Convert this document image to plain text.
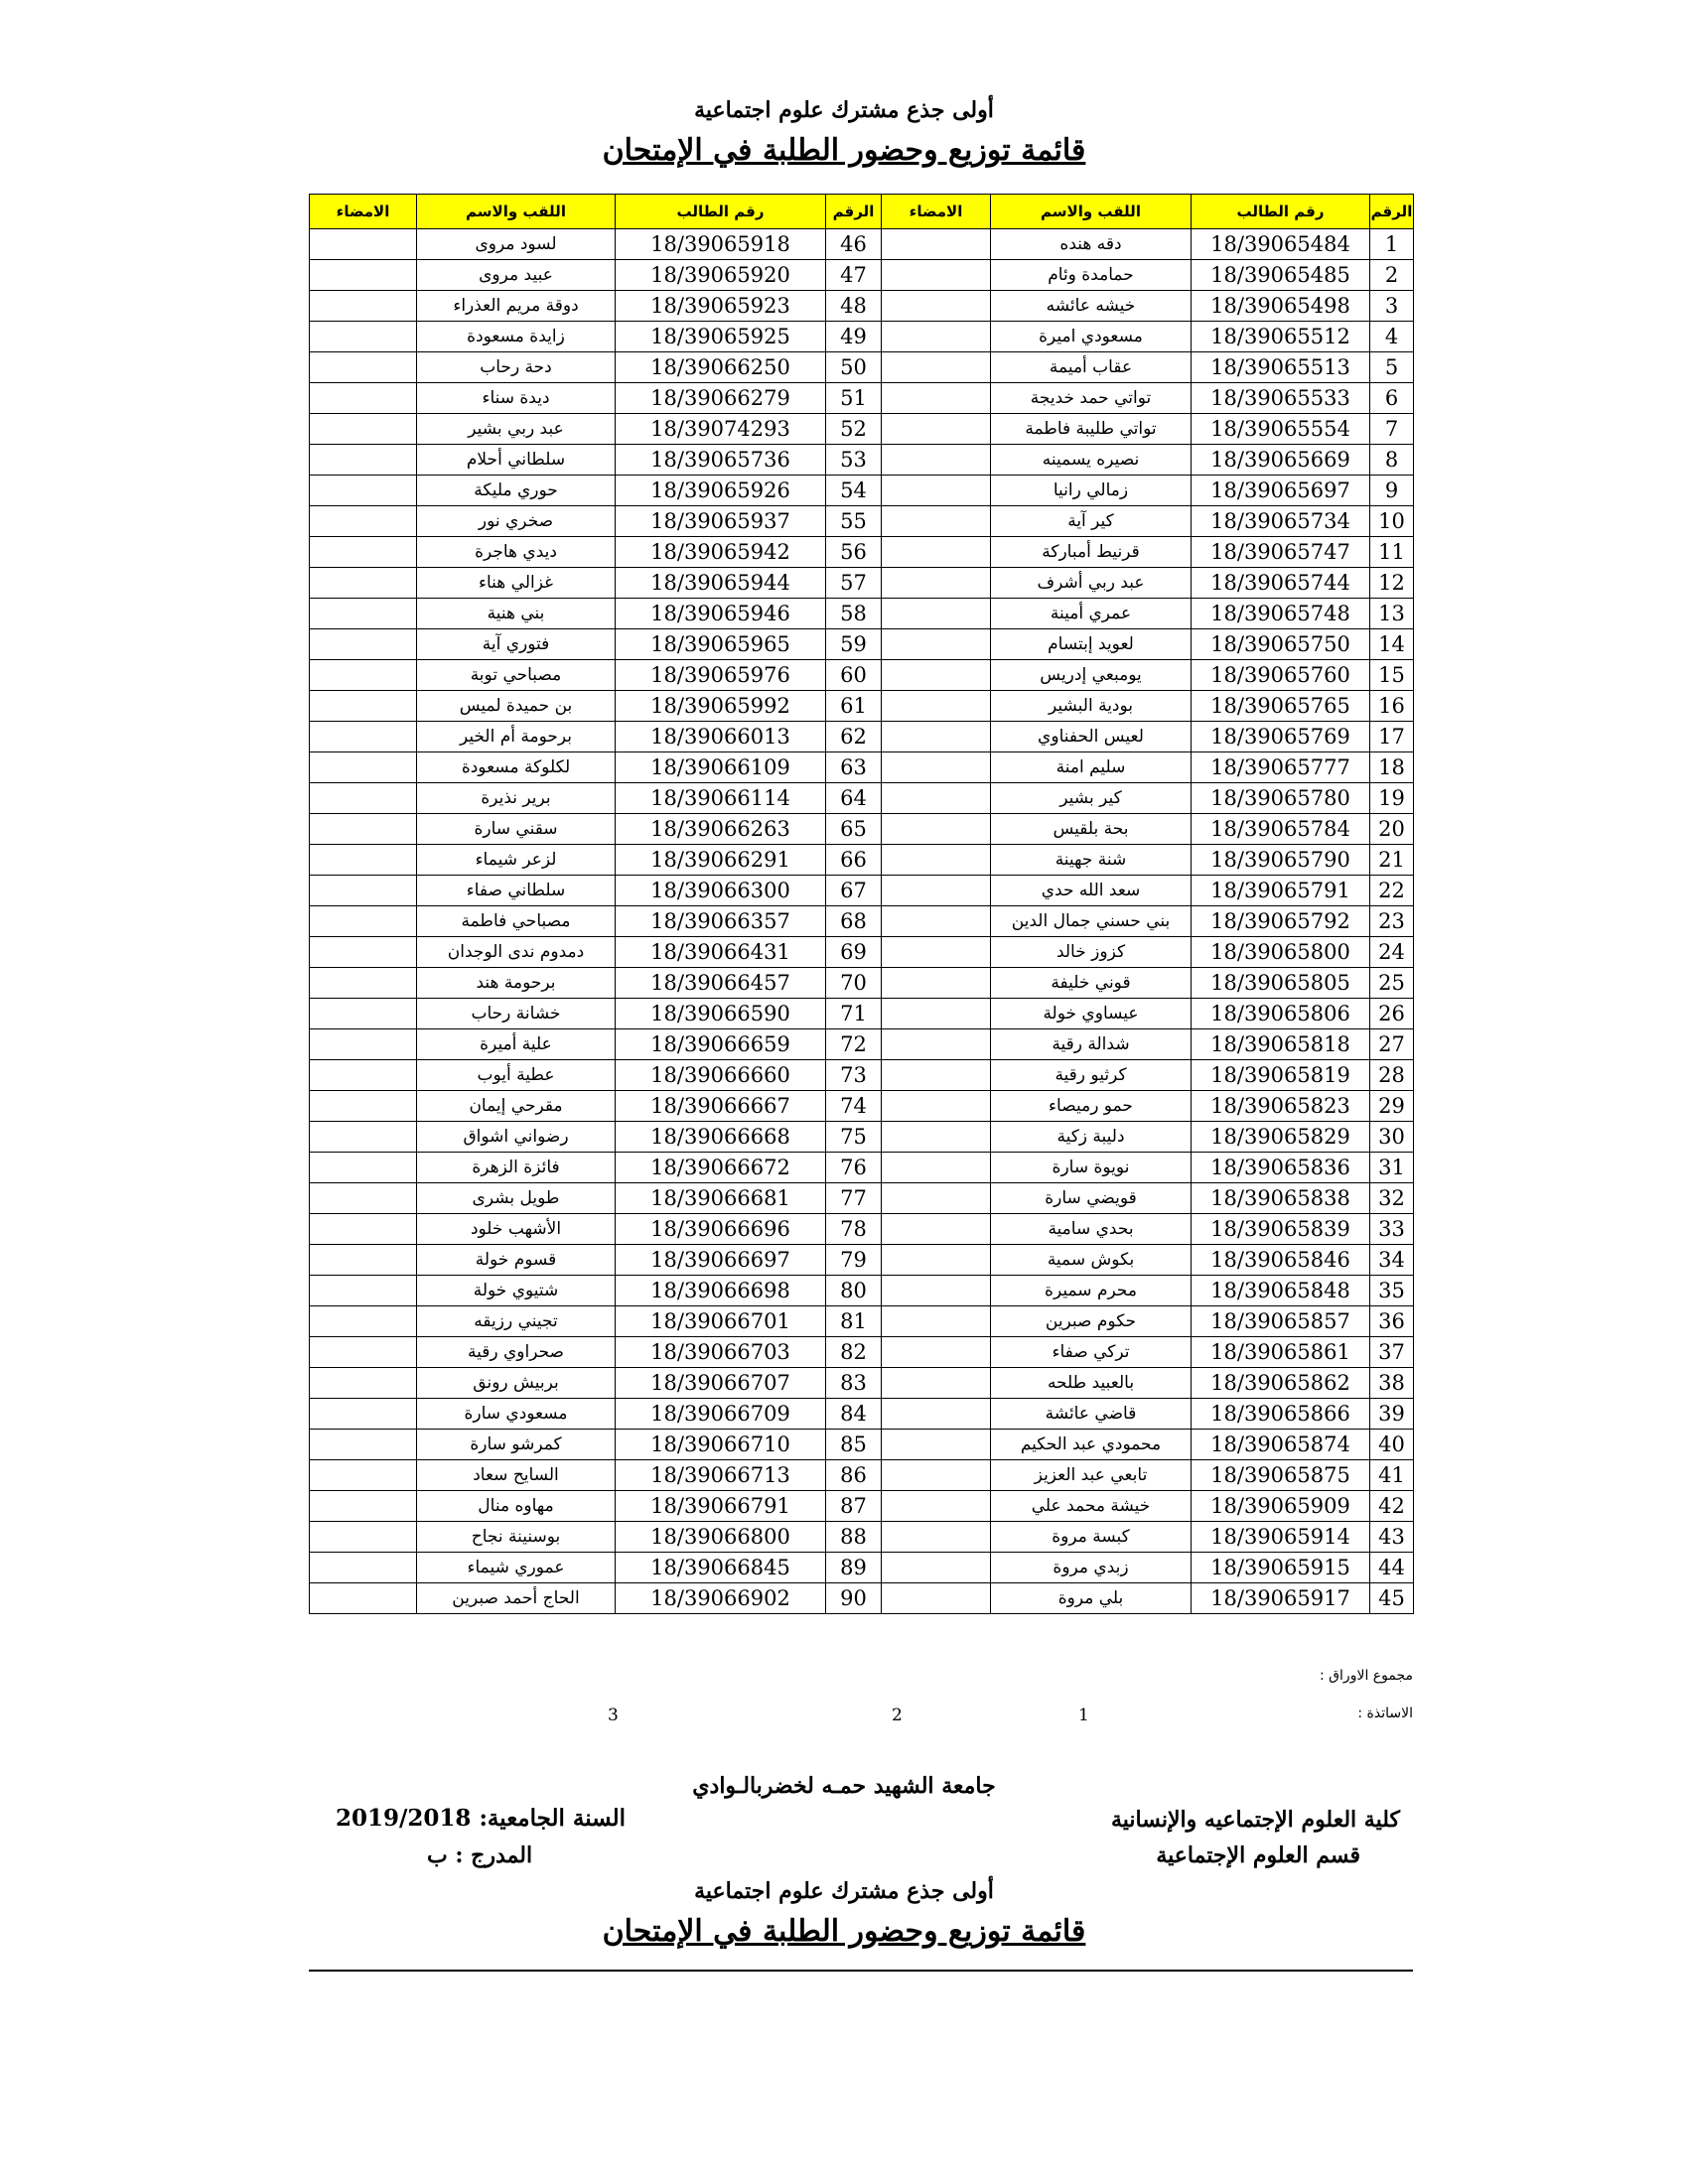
أولى جذع مشترك علوم اجتماعية
قائمة توزيع وحضور الطلبة في الإمتحان
الرقم	رقم الطالب	اللقب والاسم	الامضاء	الرقم	رقم الطالب	اللقب والاسم	الامضاء
1	18/39065484	دقه هنده		46	18/39065918	لسود مروى	
2	18/39065485	حمامدة وئام		47	18/39065920	عبيد مروى	
3	18/39065498	خيشه عائشه		48	18/39065923	دوقة مريم العذراء	
4	18/39065512	مسعودي اميرة		49	18/39065925	زايدة مسعودة	
5	18/39065513	عقاب أميمة		50	18/39066250	دحة رحاب	
6	18/39065533	تواتي حمد خديجة		51	18/39066279	ديدة سناء	
7	18/39065554	تواتي طليبة فاطمة		52	18/39074293	عبد ربي بشير	
8	18/39065669	نصيره يسمينه		53	18/39065736	سلطاني أحلام	
9	18/39065697	زمالي رانيا		54	18/39065926	حوري مليكة	
10	18/39065734	كير آية		55	18/39065937	صخري نور	
11	18/39065747	قرنيط أمباركة		56	18/39065942	ديدي هاجرة	
12	18/39065744	عبد ربي أشرف		57	18/39065944	غزالي هناء	
13	18/39065748	عمري أمينة		58	18/39065946	بني هنية	
14	18/39065750	لعويد إبتسام		59	18/39065965	فتوري آية	
15	18/39065760	يومبعي إدريس		60	18/39065976	مصباحي توبة	
16	18/39065765	بودية البشير		61	18/39065992	بن حميدة لميس	
17	18/39065769	لعيس الحفناوي		62	18/39066013	برحومة أم الخير	
18	18/39065777	سليم امنة		63	18/39066109	لكلوكة مسعودة	
19	18/39065780	كير بشير		64	18/39066114	برير نذيرة	
20	18/39065784	بحة بلقيس		65	18/39066263	سقني سارة	
21	18/39065790	شنة جهينة		66	18/39066291	لزعر شيماء	
22	18/39065791	سعد الله حدي		67	18/39066300	سلطاني صفاء	
23	18/39065792	بني حسني جمال الدين		68	18/39066357	مصباحي فاطمة	
24	18/39065800	كزوز خالد		69	18/39066431	دمدوم ندى الوجدان	
25	18/39065805	قوني خليفة		70	18/39066457	برحومة هند	
26	18/39065806	عيساوي خولة		71	18/39066590	خشانة رحاب	
27	18/39065818	شدالة رقية		72	18/39066659	علية أميرة	
28	18/39065819	كرثيو رقية		73	18/39066660	عطية أيوب	
29	18/39065823	حمو رميصاء		74	18/39066667	مقرحي إيمان	
30	18/39065829	دليبة زكية		75	18/39066668	رضواني اشواق	
31	18/39065836	نويوة سارة		76	18/39066672	فائزة الزهرة	
32	18/39065838	قويضي سارة		77	18/39066681	طويل بشرى	
33	18/39065839	بحدي سامية		78	18/39066696	الأشهب خلود	
34	18/39065846	بكوش سمية		79	18/39066697	قسوم خولة	
35	18/39065848	محرم سميرة		80	18/39066698	شتيوي خولة	
36	18/39065857	حكوم صبرين		81	18/39066701	تجيني رزيقه	
37	18/39065861	تركي صفاء		82	18/39066703	صحراوي رقية	
38	18/39065862	بالعبيد طلحه		83	18/39066707	بربيش رونق	
39	18/39065866	قاضي عائشة		84	18/39066709	مسعودي سارة	
40	18/39065874	محمودي عبد الحكيم		85	18/39066710	كمرشو سارة	
41	18/39065875	تابعي عبد العزيز		86	18/39066713	السايح سعاد	
42	18/39065909	خيشة محمد علي		87	18/39066791	مهاوه منال	
43	18/39065914	كبسة مروة		88	18/39066800	بوسنينة نجاح	
44	18/39065915	زبدي مروة		89	18/39066845	عموري شيماء	
45	18/39065917	بلي مروة		90	18/39066902	الحاج أحمد صبرين	
مجموع الاوراق :
الاساتذة :
1
2
3
جامعة الشهيد حمـه لخضربالـوادي
كلية العلوم الإجتماعيه والإنسانية
قسم العلوم الإجتماعية
السنة الجامعية: 2019/2018
المدرج : ب
أولى جذع مشترك علوم اجتماعية
قائمة توزيع وحضور الطلبة في الإمتحان
